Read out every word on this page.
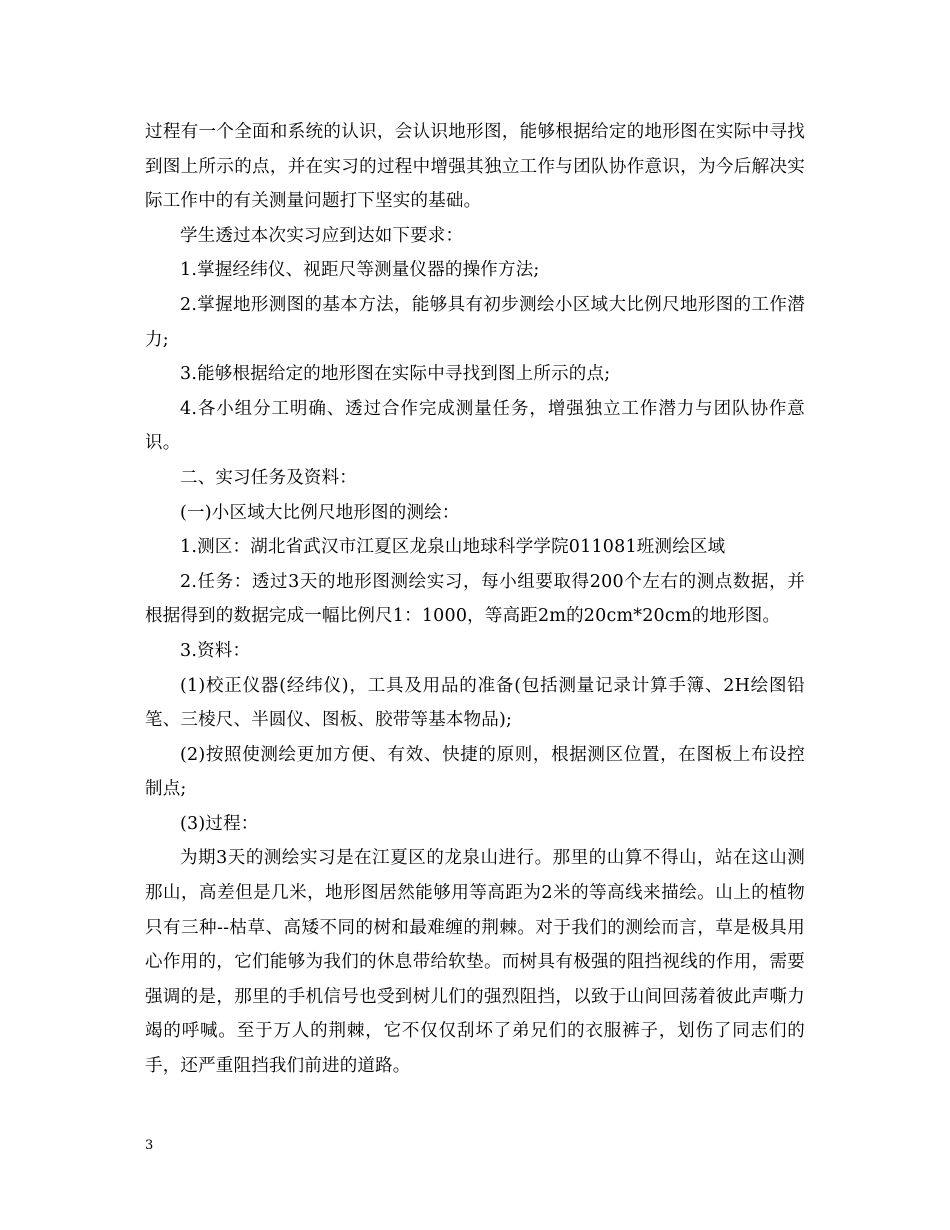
过程有一个全面和系统的认识，会认识地形图，能够根据给定的地形图在实际中寻找到图上所示的点，并在实习的过程中增强其独立工作与团队协作意识，为今后解决实际工作中的有关测量问题打下坚实的基础。

学生透过本次实习应到达如下要求：

1.掌握经纬仪、视距尺等测量仪器的操作方法;

2.掌握地形测图的基本方法，能够具有初步测绘小区域大比例尺地形图的工作潜力;

3.能够根据给定的地形图在实际中寻找到图上所示的点;

4.各小组分工明确、透过合作完成测量任务，增强独立工作潜力与团队协作意识。

二、实习任务及资料：

(一)小区域大比例尺地形图的测绘：

1.测区：湖北省武汉市江夏区龙泉山地球科学学院011081班测绘区域

2.任务：透过3天的地形图测绘实习，每小组要取得200个左右的测点数据，并根据得到的数据完成一幅比例尺1：1000，等高距2m的20cm*20cm的地形图。

3.资料：

(1)校正仪器(经纬仪)，工具及用品的准备(包括测量记录计算手簿、2H绘图铅笔、三棱尺、半圆仪、图板、胶带等基本物品);

(2)按照使测绘更加方便、有效、快捷的原则，根据测区位置，在图板上布设控制点;

(3)过程：

为期3天的测绘实习是在江夏区的龙泉山进行。那里的山算不得山，站在这山测那山，高差但是几米，地形图居然能够用等高距为2米的等高线来描绘。山上的植物只有三种--枯草、高矮不同的树和最难缠的荆棘。对于我们的测绘而言，草是极具用心作用的，它们能够为我们的休息带给软垫。而树具有极强的阻挡视线的作用，需要强调的是，那里的手机信号也受到树儿们的强烈阻挡，以致于山间回荡着彼此声嘶力竭的呼喊。至于万人的荆棘，它不仅仅刮坏了弟兄们的衣服裤子，划伤了同志们的手，还严重阻挡我们前进的道路。

3
